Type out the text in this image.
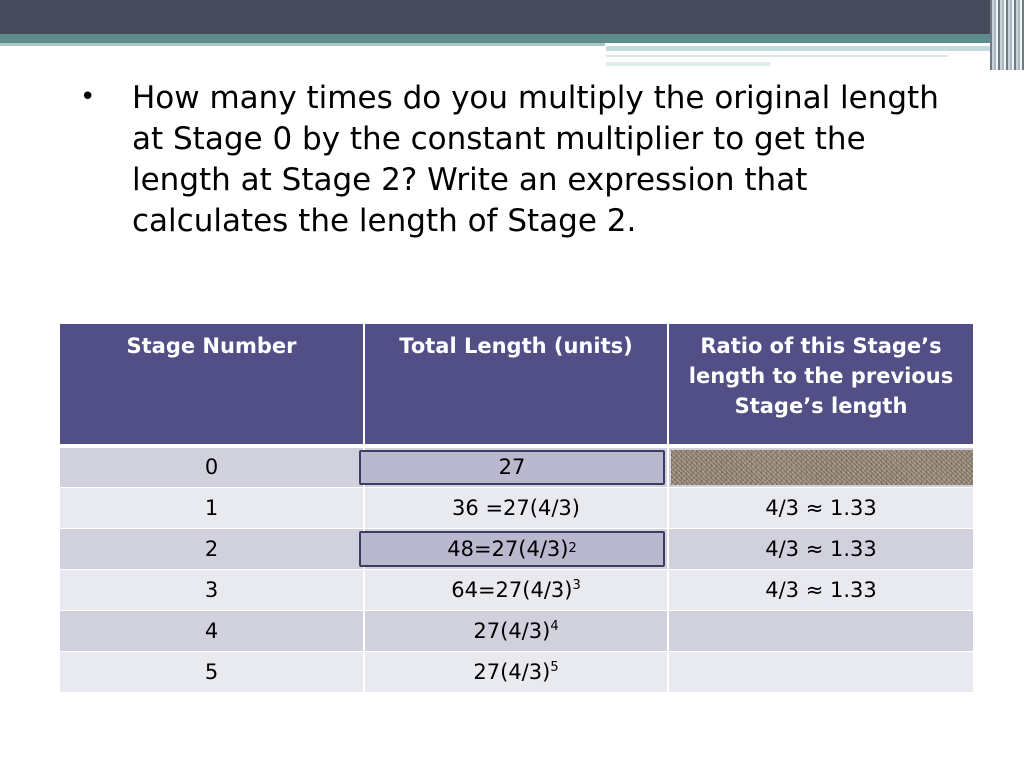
• How many times do you multiply the original length at Stage 0 by the constant multiplier to get the length at Stage 2? Write an expression that calculates the length of Stage 2.
Stage Number	Total Length (units)	Ratio of this Stage’s length to the previous Stage’s length
0	27	

1	36 =27(4/3)	4/3 ≈ 1.33
2	48=27(4/3) 2	4/3 ≈ 1.33
3	$64=27(4/3)^3$	4/3 ≈ 1.33
4	$27(4/3)^4$	
5	$27(4/3)^5$	
